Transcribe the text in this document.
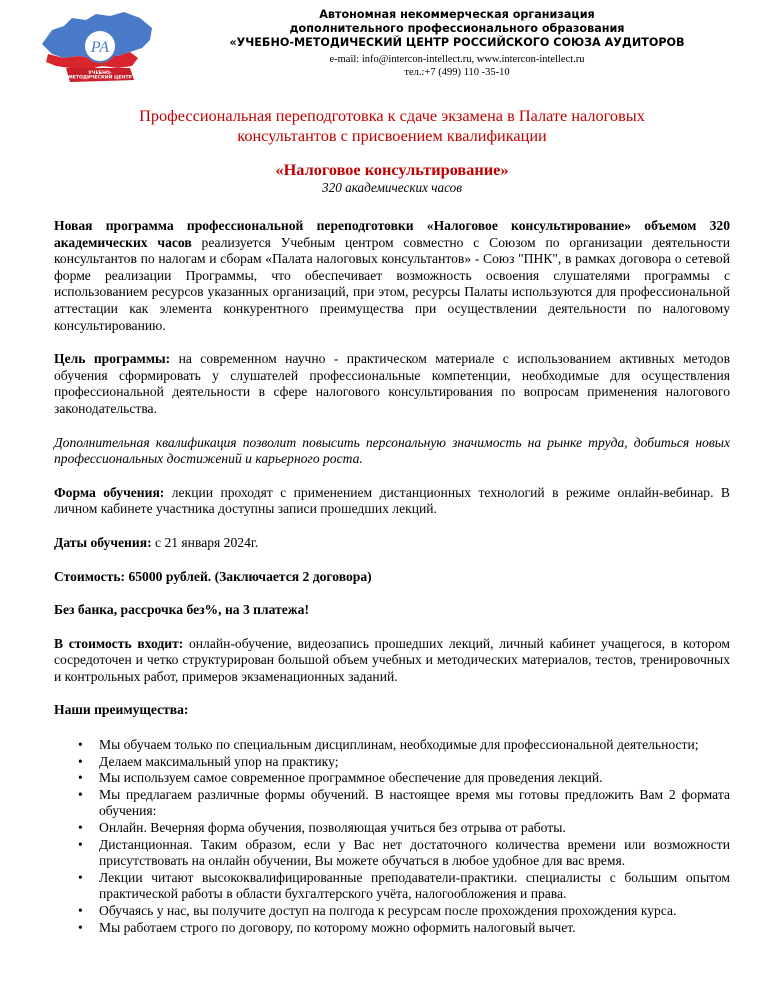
РА
УЧЕБНО-
МЕТОДИЧЕСКИЙ ЦЕНТР
Автономная некоммерческая организация
дополнительного профессионального образования
«УЧЕБНО-МЕТОДИЧЕСКИЙ ЦЕНТР РОССИЙСКОГО СОЮЗА АУДИТОРОВ
e-mail: info@intercon-intellect.ru, www.intercon-intellect.ru
тел.:+7 (499) 110 -35-10
Профессиональная переподготовка к сдаче экзамена в Палате налоговых
консультантов с присвоением квалификации
«Налоговое консультирование»
320 академических часов

Новая программа профессиональной переподготовки «Налоговое консультирование» объемом 320 академических часов реализуется Учебным центром совместно с Союзом по организации деятельности консультантов по налогам и сборам «Палата налоговых консультантов» - Союз "ПНК", в рамках договора о сетевой форме реализации Программы, что обеспечивает возможность освоения слушателями программы с использованием ресурсов указанных организаций, при этом, ресурсы Палаты используются для профессиональной аттестации как элемента конкурентного преимущества при осуществлении деятельности по налоговому консультированию.

Цель программы: на современном научно - практическом материале с использованием активных методов обучения сформировать у слушателей профессиональные компетенции, необходимые для осуществления профессиональной деятельности в сфере налогового консультирования по вопросам применения налогового законодательства.

Дополнительная квалификация позволит повысить персональную значимость на рынке труда, добиться новых профессиональных достижений и карьерного роста.

Форма обучения: лекции проходят с применением дистанционных технологий в режиме онлайн-вебинар. В личном кабинете участника доступны записи прошедших лекций.

Даты обучения: с 21 января 2024г.

Стоимость: 65000 рублей. (Заключается 2 договора)

Без банка, рассрочка без%, на 3 платежа!

В стоимость входит: онлайн-обучение, видеозапись прошедших лекций, личный кабинет учащегося, в котором сосредоточен и четко структурирован большой объем учебных и методических материалов, тестов, тренировочных и контрольных работ, примеров экзаменационных заданий.

Наши преимущества:

• Мы обучаем только по специальным дисциплинам, необходимые для профессиональной деятельности;
• Делаем максимальный упор на практику;
• Мы используем самое современное программное обеспечение для проведения лекций.
• Мы предлагаем различные формы обучений. В настоящее время мы готовы предложить Вам 2 формата обучения:
• Онлайн. Вечерняя форма обучения, позволяющая учиться без отрыва от работы.
• Дистанционная. Таким образом, если у Вас нет достаточного количества времени или возможности присутствовать на онлайн обучении, Вы можете обучаться в любое удобное для вас время.
• Лекции читают высококвалифицированные преподаватели-практики. специалисты с большим опытом практической работы в области бухгалтерского учёта, налогообложения и права.
• Обучаясь у нас, вы получите доступ на полгода к ресурсам после прохождения прохождения курса.
• Мы работаем строго по договору, по которому можно оформить налоговый вычет.
